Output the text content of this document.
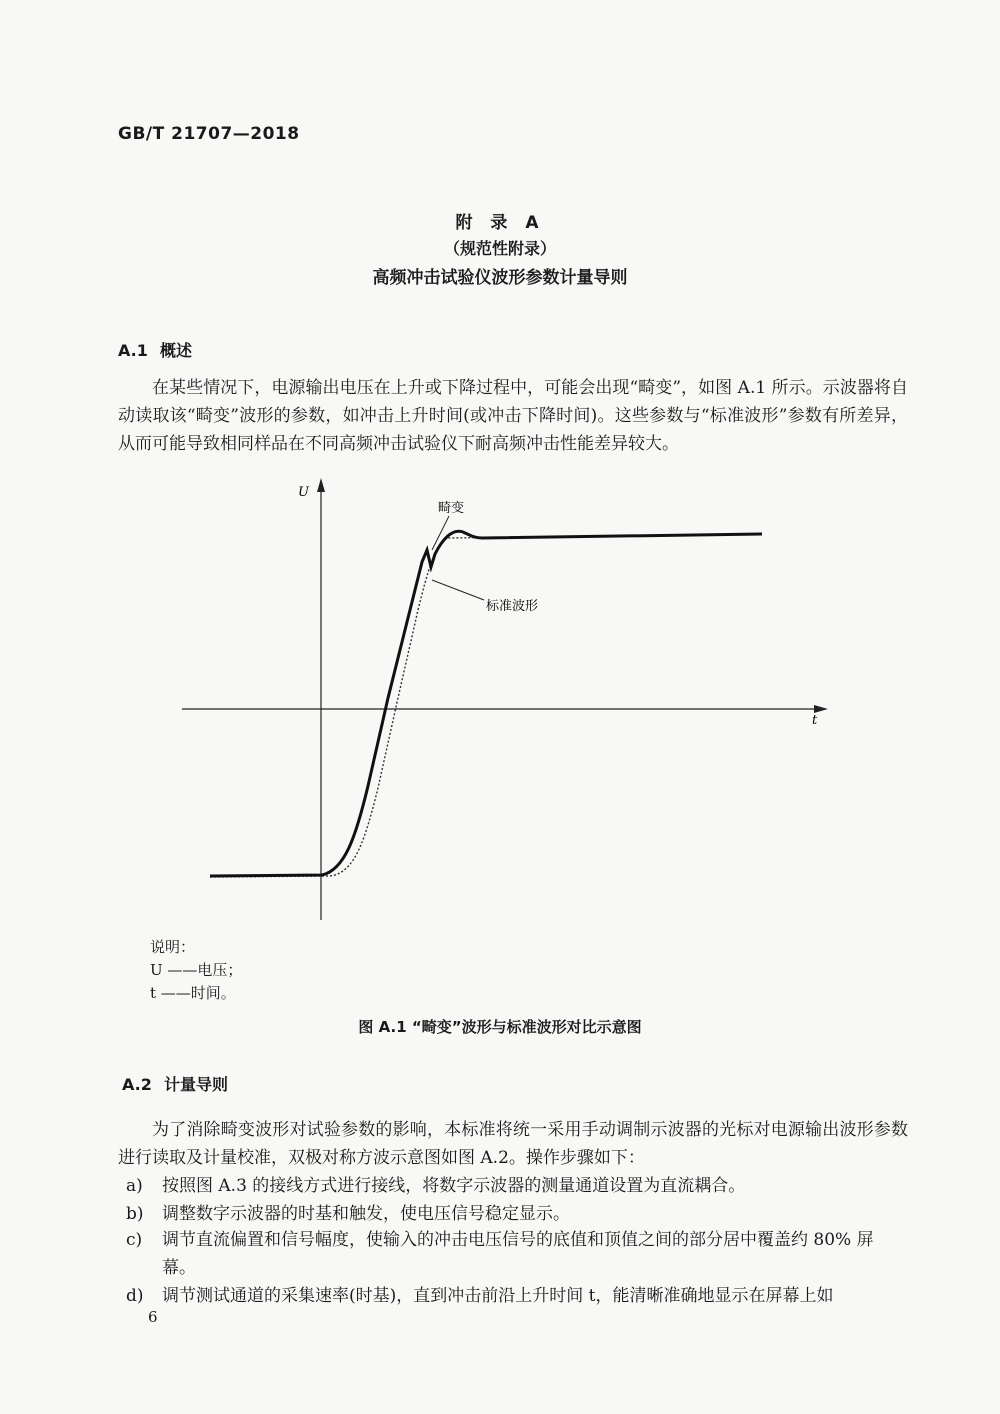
GB/T 21707—2018
附 录 A
（规范性附录）
高频冲击试验仪波形参数计量导则
A.1 概述
在某些情况下，电源输出电压在上升或下降过程中，可能会出现“畸变”，如图 A.1 所示。示波器将自动读取该“畸变”波形的参数，如冲击上升时间(或冲击下降时间)。这些参数与“标准波形”参数有所差异，从而可能导致相同样品在不同高频冲击试验仪下耐高频冲击性能差异较大。
畸变
标准波形
U
t
说明：
U ——电压；
t ——时间。
图 A.1 “畸变”波形与标准波形对比示意图
A.2 计量导则
为了消除畸变波形对试验参数的影响，本标准将统一采用手动调制示波器的光标对电源输出波形参数进行读取及计量校准，双极对称方波示意图如图 A.2。操作步骤如下：
a) 按照图 A.3 的接线方式进行接线，将数字示波器的测量通道设置为直流耦合。
b) 调整数字示波器的时基和触发，使电压信号稳定显示。
c) 调节直流偏置和信号幅度，使输入的冲击电压信号的底值和顶值之间的部分居中覆盖约 80% 屏幕。
d) 调节测试通道的采集速率(时基)，直到冲击前沿上升时间 t，能清晰准确地显示在屏幕上如
6
